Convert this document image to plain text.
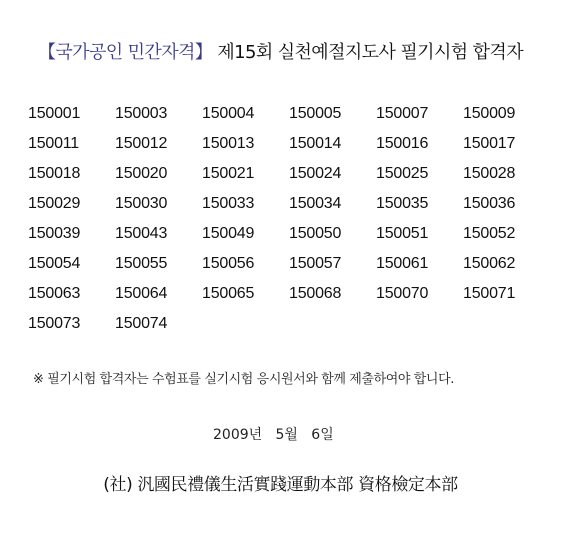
【국가공인 민간자격】 제15회 실천예절지도사 필기시험 합격자
150001	150003	150004	150005	150007	150009
150011	150012	150013	150014	150016	150017
150018	150020	150021	150024	150025	150028
150029	150030	150033	150034	150035	150036
150039	150043	150049	150050	150051	150052
150054	150055	150056	150057	150061	150062
150063	150064	150065	150068	150070	150071
150073	150074
※ 필기시험 합격자는 수험표를 실기시험 응시원서와 함께 제출하여야 합니다.
2009년   5월   6일
(社) 汎國民禮儀生活實踐運動本部 資格檢定本部
